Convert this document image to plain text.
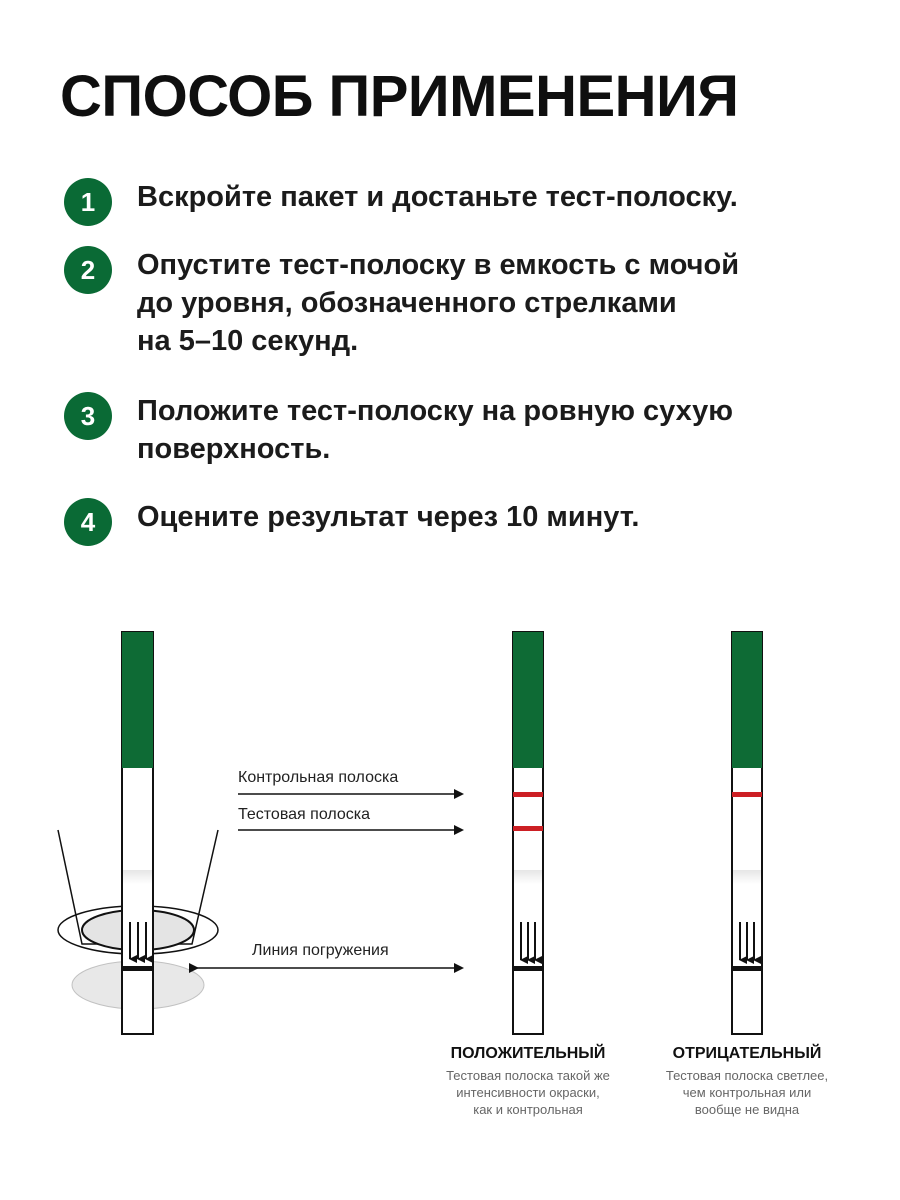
СПОСОБ ПРИМЕНЕНИЯ
1	Вскройте пакет и достаньте тест-полоску.
2	Опустите тест-полоску в емкость с мочой
до уровня, обозначенного стрелками
на 5–10 секунд.
3	Положите тест-полоску на ровную сухую
поверхность.
4	Оцените результат через 10 минут.
Контрольная полоска
Тестовая полоска
Линия погружения
ПОЛОЖИТЕЛЬНЫЙ
Тестовая полоска такой же
интенсивности окраски,
как и контрольная
ОТРИЦАТЕЛЬНЫЙ
Тестовая полоска светлее,
чем контрольная или
вообще не видна
